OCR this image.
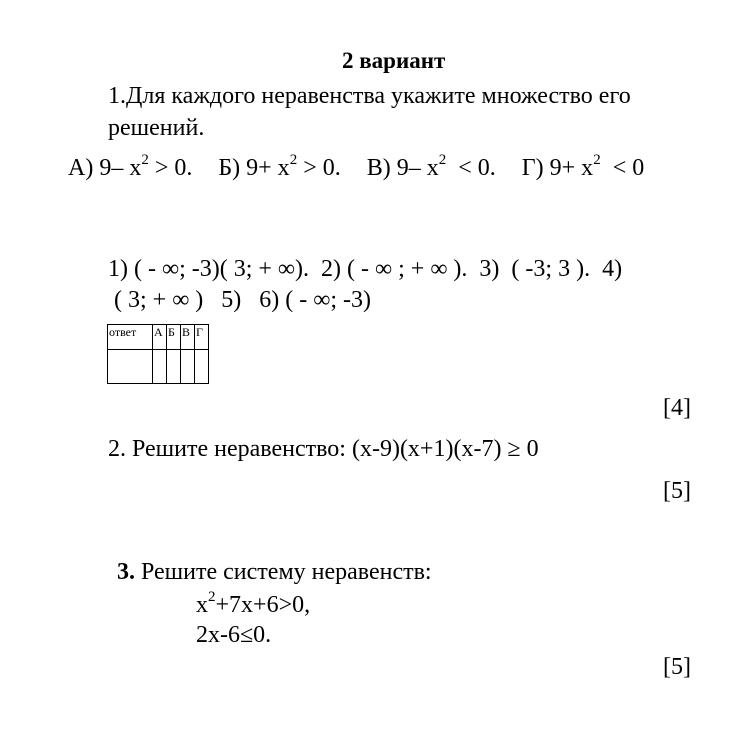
2 вариант
1.Для каждого неравенства укажите множество его
решений.
А) 9– $х^2 > 0$. Б) $9+ х^2 > 0$. В) 9– $х^2 < 0$. Г) $9+ х^2 < 0$
1) ( - ∞; -3)( 3; + ∞).  2) ( - ∞ ; + ∞ ).  3)  ( -3; 3 ).  4)
( 3; + ∞ )   5)   6) ( - ∞; -3)
ответ	А	Б	В	Г

[4]
2. Решите неравенство: (х-9)(х+1)(х-7) ≥ 0
[5]
3. Решите систему неравенств:
$х^2+7х+6>0$,
2х-6≤0.
[5]
